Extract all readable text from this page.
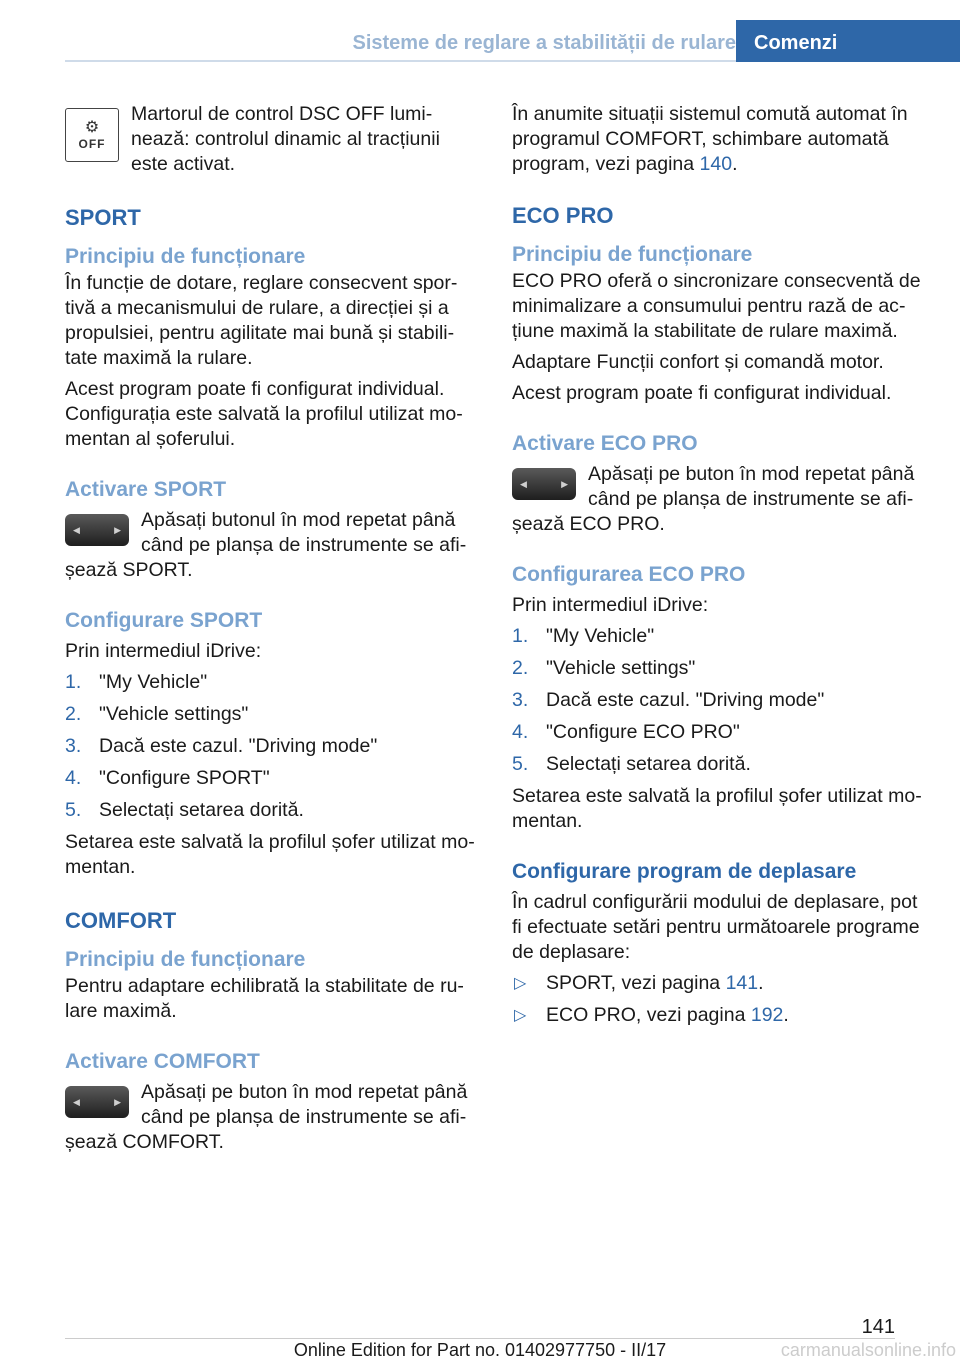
Sisteme de reglare a stabilității de rulare Comenzi
⚙
OFF

Martorul de control DSC OFF luminează: controlul dinamic al tracțiunii este activat.

SPORT
Principiu de funcționare

În funcție de dotare, reglare consecvent sportivă a mecanismului de rulare, a direcției și a propulsiei, pentru agilitate mai bună și stabilitate maximă la rulare.

Acest program poate fi configurat individual. Configurația este salvată la profilul utilizat momentan al șoferului.

Activare SPORT
◀	▶	Apăsați butonul în mod repetat până când pe planșa de instrumente se afișează SPORT.

Configurare SPORT

Prin intermediul iDrive:

1. "My Vehicle"
2. "Vehicle settings"
3. Dacă este cazul. "Driving mode"
4. "Configure SPORT"
5. Selectați setarea dorită.

Setarea este salvată la profilul șofer utilizat momentan.

COMFORT
Principiu de funcționare

Pentru adaptare echilibrată la stabilitate de rulare maximă.

Activare COMFORT
◀	▶	Apăsați pe buton în mod repetat până când pe planșa de instrumente se afișează COMFORT.

În anumite situații sistemul comută automat în programul COMFORT, schimbare automată program, vezi pagina 140.

ECO PRO
Principiu de funcționare

ECO PRO oferă o sincronizare consecventă de minimalizare a consumului pentru rază de acțiune maximă la stabilitate de rulare maximă.

Adaptare Funcții confort și comandă motor.

Acest program poate fi configurat individual.

Activare ECO PRO
◀	▶	Apăsați pe buton în mod repetat până când pe planșa de instrumente se afișează ECO PRO.

Configurarea ECO PRO

Prin intermediul iDrive:

1. "My Vehicle"
2. "Vehicle settings"
3. Dacă este cazul. "Driving mode"
4. "Configure ECO PRO"
5. Selectați setarea dorită.

Setarea este salvată la profilul șofer utilizat momentan.

Configurare program de deplasare

În cadrul configurării modului de deplasare, pot fi efectuate setări pentru următoarele programe de deplasare:

▷ SPORT, vezi pagina 141.
▷ ECO PRO, vezi pagina 192.
141
Online Edition for Part no. 01402977750 - II/17	carmanualsonline.info
